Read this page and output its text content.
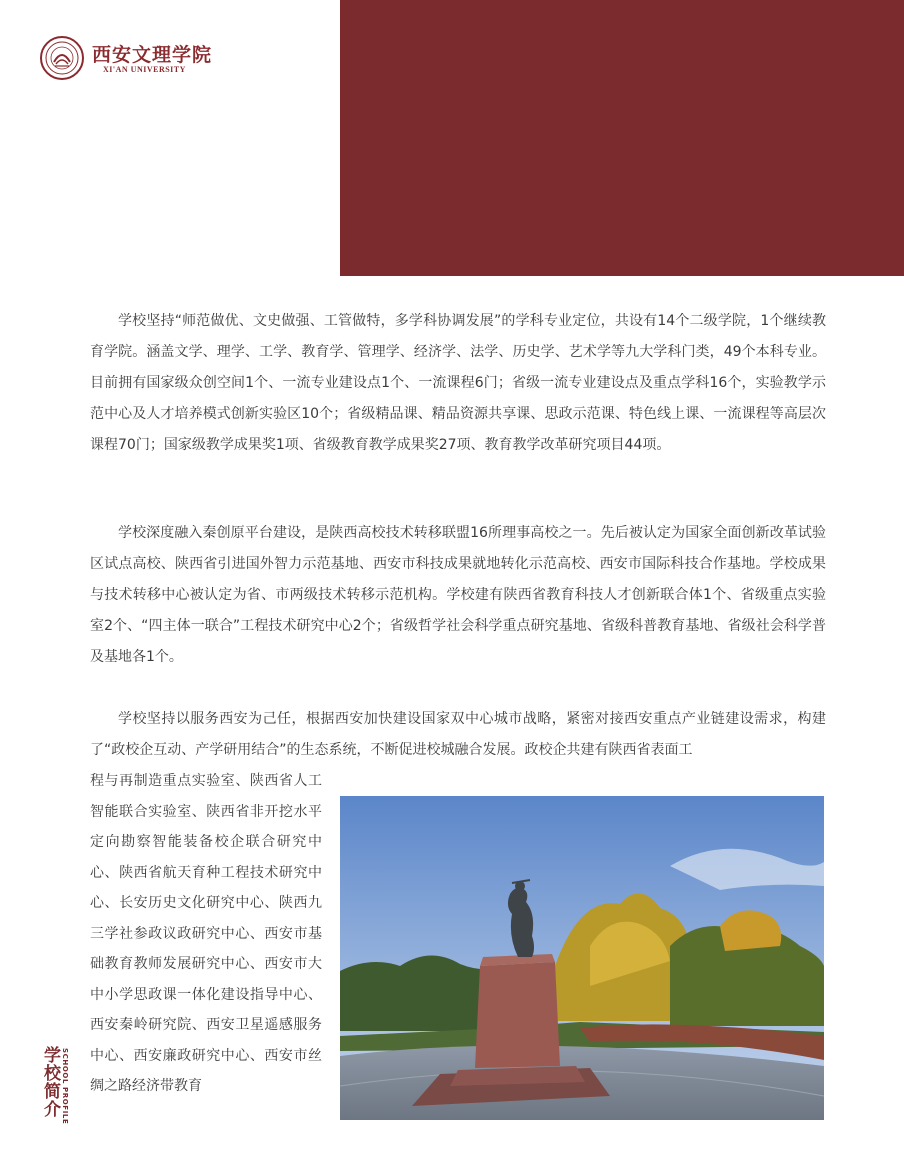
西安文理学院
XI'AN UNIVERSITY

学校坚持“师范做优、文史做强、工管做特，多学科协调发展”的学科专业定位，共设有14个二级学院，1个继续教育学院。涵盖文学、理学、工学、教育学、管理学、经济学、法学、历史学、艺术学等九大学科门类，49个本科专业。目前拥有国家级众创空间1个、一流专业建设点1个、一流课程6门；省级一流专业建设点及重点学科16个，实验教学示范中心及人才培养模式创新实验区10个；省级精品课、精品资源共享课、思政示范课、特色线上课、一流课程等高层次课程70门；国家级教学成果奖1项、省级教育教学成果奖27项、教育教学改革研究项目44项。

学校深度融入秦创原平台建设，是陕西高校技术转移联盟16所理事高校之一。先后被认定为国家全面创新改革试验区试点高校、陕西省引进国外智力示范基地、西安市科技成果就地转化示范高校、西安市国际科技合作基地。学校成果与技术转移中心被认定为省、市两级技术转移示范机构。学校建有陕西省教育科技人才创新联合体1个、省级重点实验室2个、“四主体一联合”工程技术研究中心2个；省级哲学社会科学重点研究基地、省级科普教育基地、省级社会科学普及基地各1个。

学校坚持以服务西安为己任，根据西安加快建设国家双中心城市战略，紧密对接西安重点产业链建设需求，构建了“政校企互动、产学研用结合”的生态系统，不断促进校城融合发展。政校企共建有陕西省表面工

程与再制造重点实验室、陕西省人工智能联合实验室、陕西省非开挖水平定向勘察智能装备校企联合研究中心、陕西省航天育种工程技术研究中心、长安历史文化研究中心、陕西九三学社参政议政研究中心、西安市基础教育教师发展研究中心、西安市大中小学思政课一体化建设指导中心、西安秦岭研究院、西安卫星遥感服务中心、西安廉政研究中心、西安市丝绸之路经济带教育

学校简介 SCHOOL PROFILE
